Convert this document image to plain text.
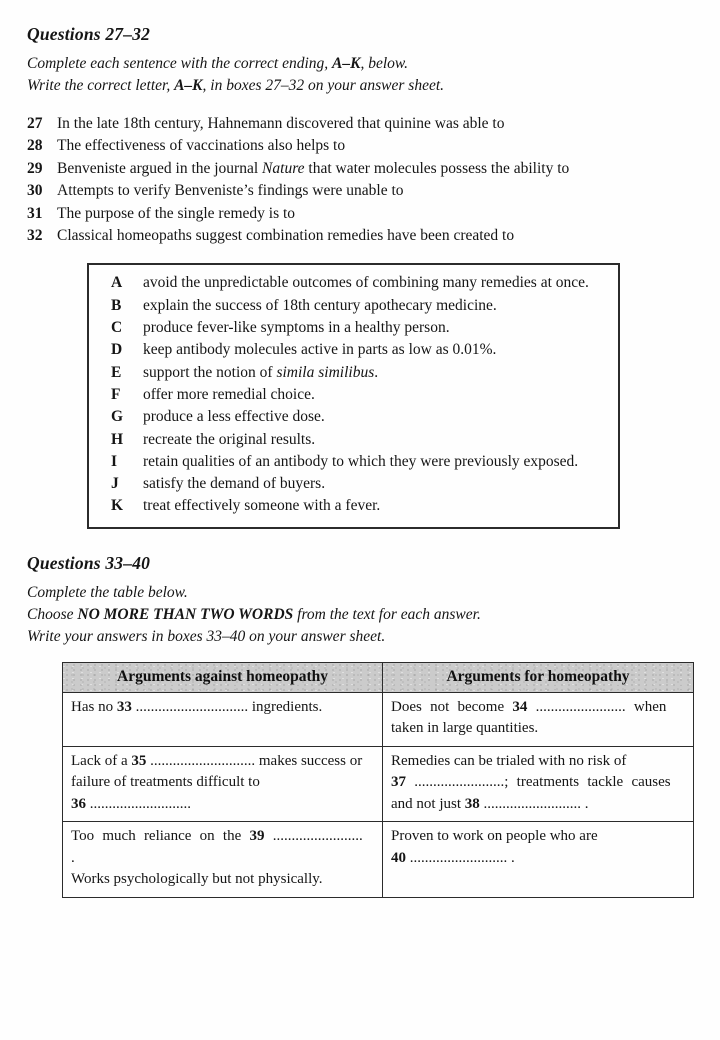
Questions 27–32

Complete each sentence with the correct ending, A–K, below.

Write the correct letter, A–K, in boxes 27–32 on your answer sheet.

27 In the late 18th century, Hahnemann discovered that quinine was able to
28 The effectiveness of vaccinations also helps to
29 Benveniste argued in the journal Nature that water molecules possess the ability to
30 Attempts to verify Benveniste’s findings were unable to
31 The purpose of the single remedy is to
32 Classical homeopaths suggest combination remedies have been created to
A	avoid the unpredictable outcomes of combining many remedies at once.
B	explain the success of 18th century apothecary medicine.
C	produce fever-like symptoms in a healthy person.
D	keep antibody molecules active in parts as low as 0.01%.
E	support the notion of simila similibus.
F	offer more remedial choice.
G	produce a less effective dose.
H	recreate the original results.
I	retain qualities of an antibody to which they were previously exposed.
J	satisfy the demand of buyers.
K	treat effectively someone with a fever.
Questions 33–40

Complete the table below.

Choose NO MORE THAN TWO WORDS from the text for each answer.

Write your answers in boxes 33–40 on your answer sheet.

Arguments against homeopathy	Arguments for homeopathy
Has no 33 .............................. ingredients.	Does not become 34 ........................ when
taken in large quantities.
Lack of a 35 ............................ makes success or
failure of treatments difficult to
36 ...........................	Remedies can be trialed with no risk of
37 ........................; treatments tackle causes
and not just 38 .......................... .
Too much reliance on the 39 ........................ .
Works psychologically but not physically.	Proven to work on people who are
40 .......................... .
